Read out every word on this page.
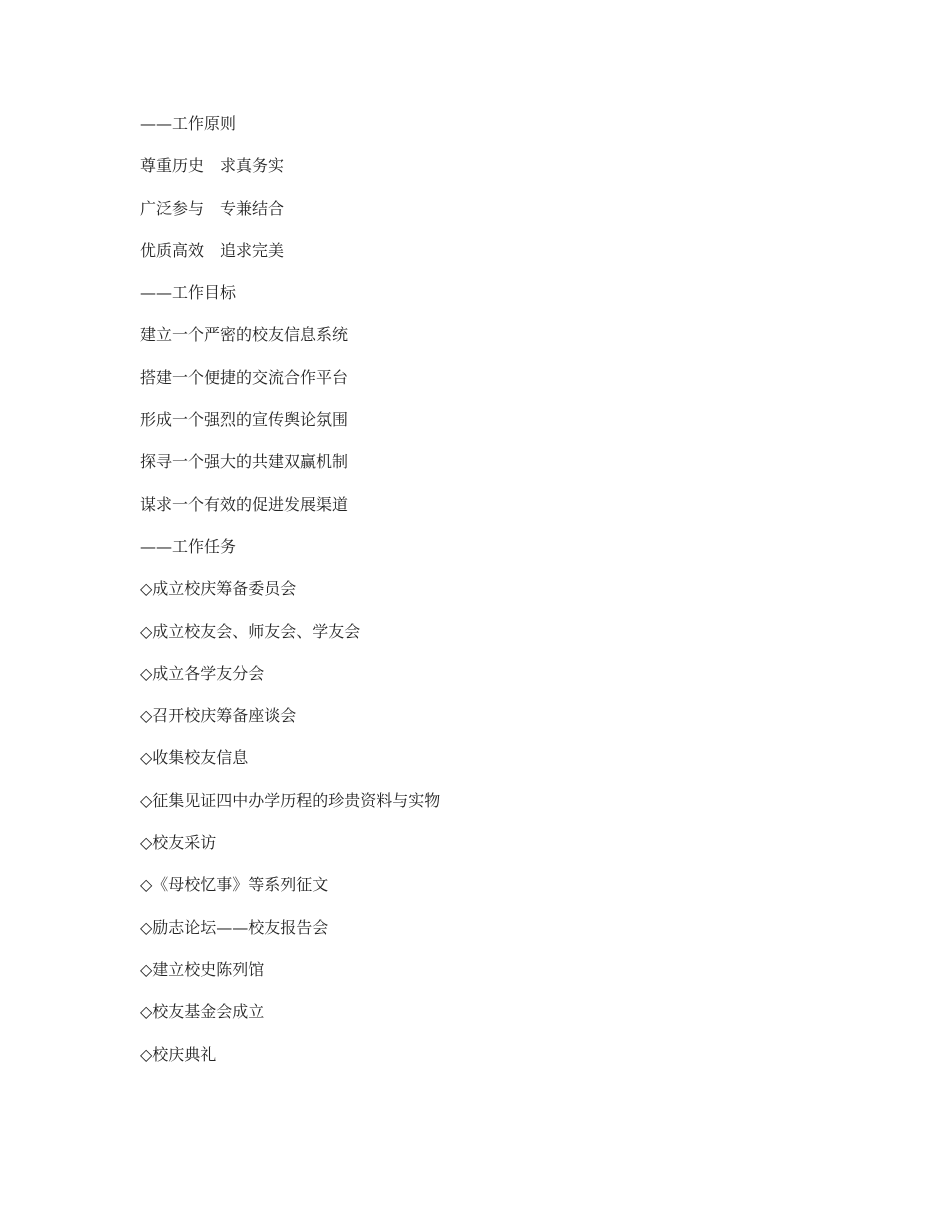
——工作原则
尊重历史　求真务实
广泛参与　专兼结合
优质高效　追求完美
——工作目标
建立一个严密的校友信息系统
搭建一个便捷的交流合作平台
形成一个强烈的宣传舆论氛围
探寻一个强大的共建双赢机制
谋求一个有效的促进发展渠道
——工作任务
◇成立校庆筹备委员会
◇成立校友会、师友会、学友会
◇成立各学友分会
◇召开校庆筹备座谈会
◇收集校友信息
◇征集见证四中办学历程的珍贵资料与实物
◇校友采访
◇《母校忆事》等系列征文
◇励志论坛——校友报告会
◇建立校史陈列馆
◇校友基金会成立
◇校庆典礼
